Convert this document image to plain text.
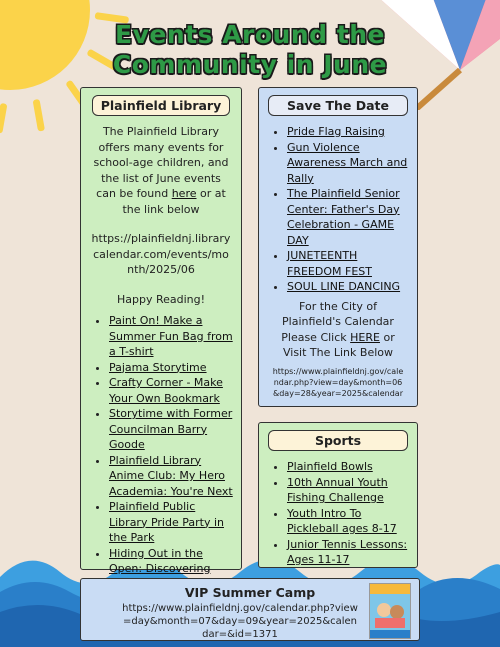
Events Around the
Community in June
Plainfield Library
The Plainfield Library offers many events for school-age children, and the list of June events can be found here or at the link below
https://plainfieldnj.librarycalendar.com/events/month/2025/06
Happy Reading!
• Paint On! Make a Summer Fun Bag from a T-shirt
• Pajama Storytime
• Crafty Corner - Make Your Own Bookmark
• Storytime with Former Councilman Barry Goode
• Plainfield Library Anime Club: My Hero Academia: You're Next
• Plainfield Public Library Pride Party in the Park
• Hiding Out in the Open: Discovering
Save The Date
• Pride Flag Raising
• Gun Violence Awareness March and Rally
• The Plainfield Senior Center: Father's Day Celebration - GAME DAY
• JUNETEENTH FREEDOM FEST
• SOUL LINE DANCING
For the City of Plainfield's Calendar Please Click HERE or Visit The Link Below
https://www.plainfieldnj.gov/calendar.php?view=day&month=06&day=28&year=2025&calendar
Sports
• Plainfield Bowls
• 10th Annual Youth Fishing Challenge
• Youth Intro To Pickleball ages 8-17
• Junior Tennis Lessons: Ages 11-17
VIP Summer Camp
https://www.plainfieldnj.gov/calendar.php?view=day&month=07&day=09&year=2025&calendar=&id=1371
